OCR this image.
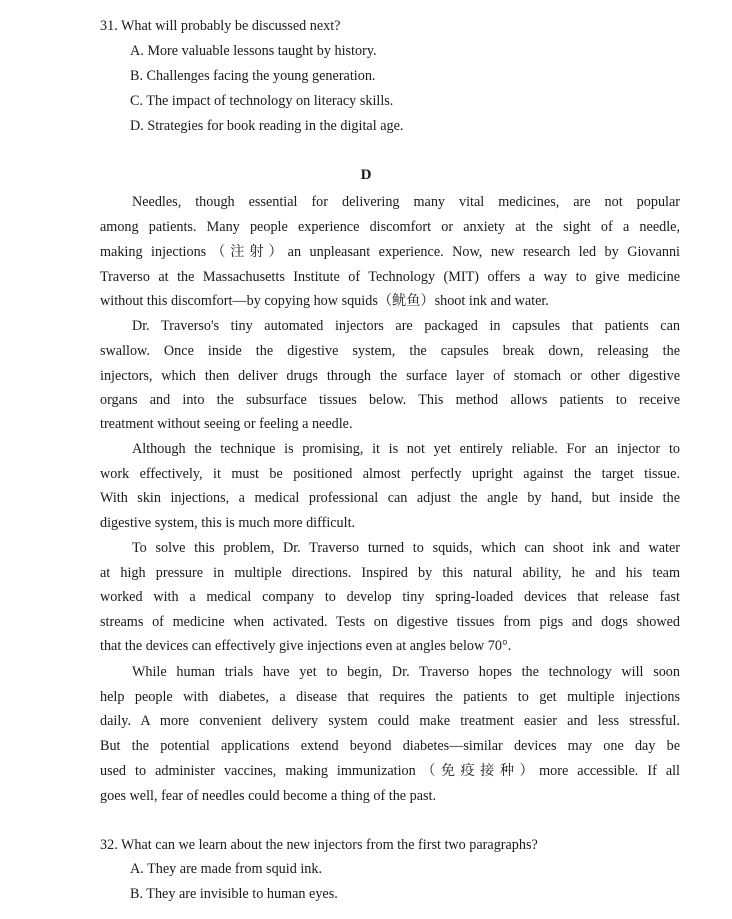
31. What will probably be discussed next?
A. More valuable lessons taught by history.
B. Challenges facing the young generation.
C. The impact of technology on literacy skills.
D. Strategies for book reading in the digital age.
D
Needles, though essential for delivering many vital medicines, are not popular
among patients. Many people experience discomfort or anxiety at the sight of a needle,
making injections（注射）an unpleasant experience. Now, new research led by Giovanni
Traverso at the Massachusetts Institute of Technology (MIT) offers a way to give medicine
without this discomfort—by copying how squids（鱿鱼）shoot ink and water.
Dr. Traverso's tiny automated injectors are packaged in capsules that patients can
swallow. Once inside the digestive system, the capsules break down, releasing the
injectors, which then deliver drugs through the surface layer of stomach or other digestive
organs and into the subsurface tissues below. This method allows patients to receive
treatment without seeing or feeling a needle.
Although the technique is promising, it is not yet entirely reliable. For an injector to
work effectively, it must be positioned almost perfectly upright against the target tissue.
With skin injections, a medical professional can adjust the angle by hand, but inside the
digestive system, this is much more difficult.
To solve this problem, Dr. Traverso turned to squids, which can shoot ink and water
at high pressure in multiple directions. Inspired by this natural ability, he and his team
worked with a medical company to develop tiny spring-loaded devices that release fast
streams of medicine when activated. Tests on digestive tissues from pigs and dogs showed
that the devices can effectively give injections even at angles below 70°.
While human trials have yet to begin, Dr. Traverso hopes the technology will soon
help people with diabetes, a disease that requires the patients to get multiple injections
daily. A more convenient delivery system could make treatment easier and less stressful.
But the potential applications extend beyond diabetes—similar devices may one day be
used to administer vaccines, making immunization（免疫接种）more accessible. If all
goes well, fear of needles could become a thing of the past.
32. What can we learn about the new injectors from the first two paragraphs?
A. They are made from squid ink.
B. They are invisible to human eyes.
